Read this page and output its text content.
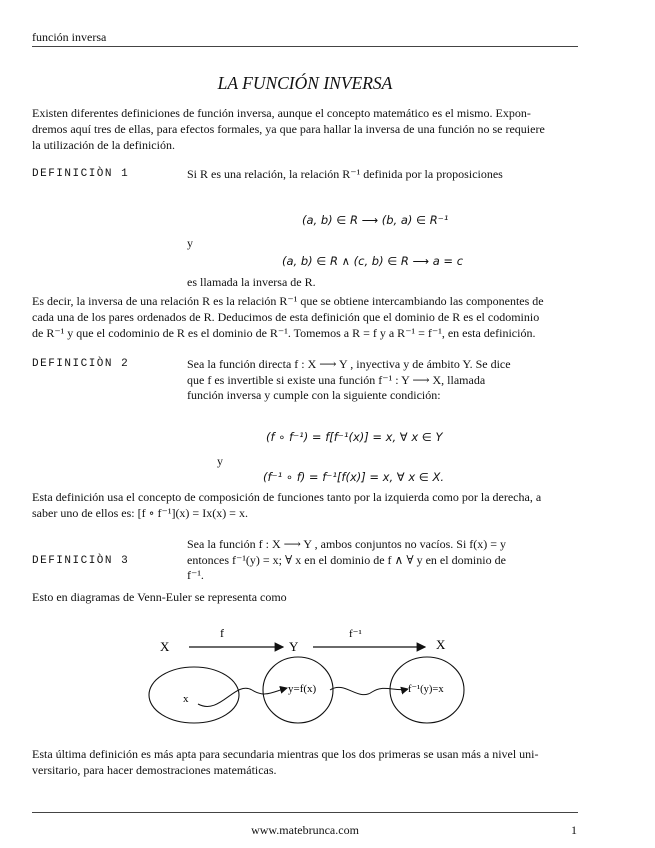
función inversa
LA FUNCIÓN INVERSA
Existen diferentes definiciones de función inversa, aunque el concepto matemático es el mismo. Expon-
dremos aquí tres de ellas, para efectos formales, ya que para hallar la inversa de una función no se requiere
la utilización de la definición.
DEFINICIÒN 1	Si R es una relación, la relación R⁻¹ definida por la proposiciones
(a, b) ∈ R ⟶ (b, a) ∈ R⁻¹
y
(a, b) ∈ R ∧ (c, b) ∈ R ⟶ a = c
es llamada la inversa de R.
Es decir, la inversa de una relación R es la relación R⁻¹ que se obtiene intercambiando las componentes de
cada una de los pares ordenados de R. Deducimos de esta definición que el dominio de R es el codominio
de R⁻¹ y que el codominio de R es el dominio de R⁻¹. Tomemos a R = f y a R⁻¹ = f⁻¹, en esta definición.
DEFINICIÒN 2	Sea la función directa f : X ⟶ Y , inyectiva y de ámbito Y. Se dice
que f es invertible si existe una función f⁻¹ : Y ⟶ X, llamada
función inversa y cumple con la siguiente condición:
(f ∘ f⁻¹) = f[f⁻¹(x)] = x, ∀ x ∈ Y
y
(f⁻¹ ∘ f) = f⁻¹[f(x)] = x, ∀ x ∈ X.
Esta definición usa el concepto de composición de funciones tanto por la izquierda como por la derecha, a
saber uno de ellos es: [f ∘ f⁻¹](x) = Ix(x) = x.
DEFINICIÒN 3
Sea la función f : X ⟶ Y , ambos conjuntos no vacíos. Si f(x) = y
entonces f⁻¹(y) = x; ∀ x en el dominio de f ∧ ∀ y en el dominio de
f⁻¹.
Esto en diagramas de Venn-Euler se representa como
X	Y	X
f	f⁻¹
x
y=f(x)	f⁻¹(y)=x
Esta última definición es más apta para secundaria mientras que los dos primeras se usan más a nivel uni-
versitario, para hacer demostraciones matemáticas.
www.matebrunca.com	1
